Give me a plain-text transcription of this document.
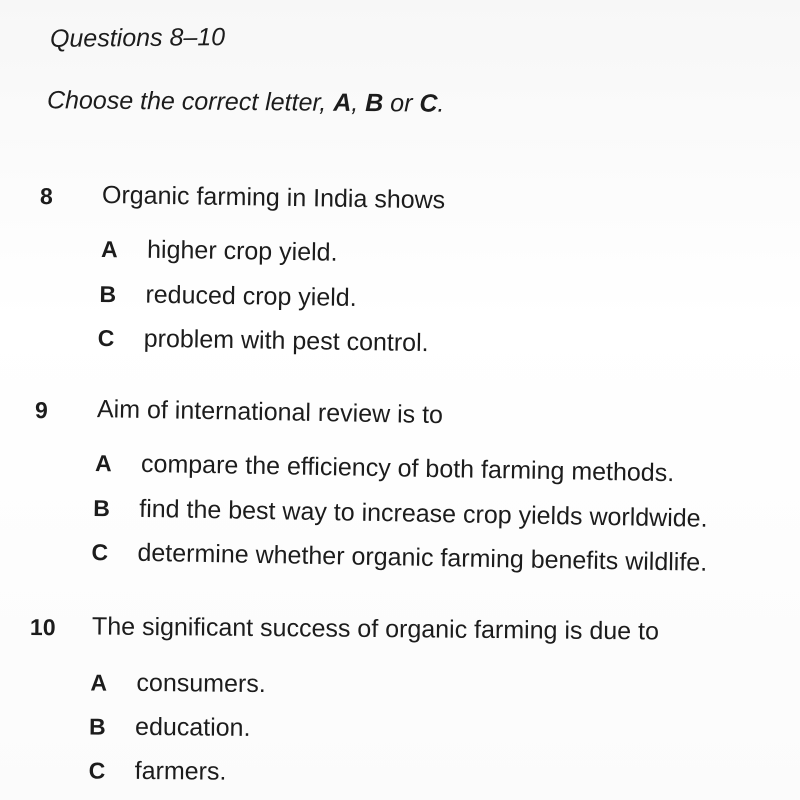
Questions 8–10
Choose the correct letter, A, B or C.
8 Organic farming in India shows
A higher crop yield.
B reduced crop yield.
C problem with pest control.
9 Aim of international review is to
A compare the efficiency of both farming methods.
B find the best way to increase crop yields worldwide.
C determine whether organic farming benefits wildlife.
10 The significant success of organic farming is due to
A consumers.
B education.
C farmers.
